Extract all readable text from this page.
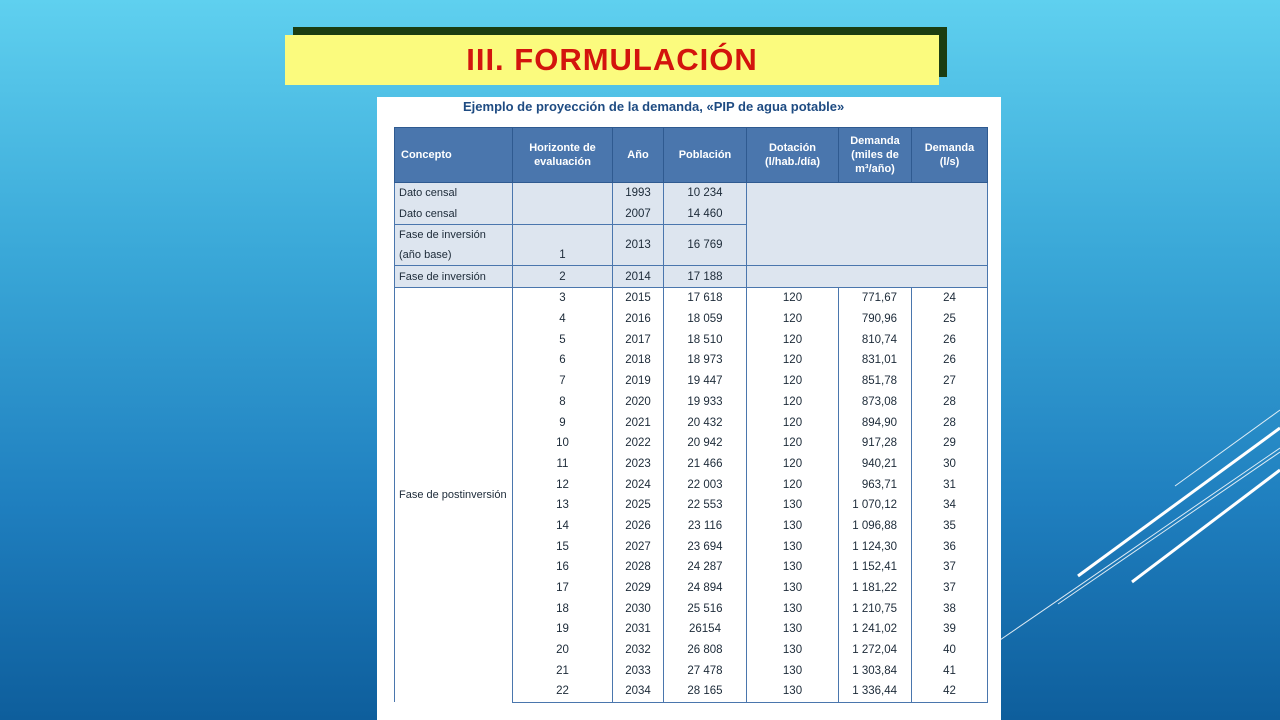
III. FORMULACIÓN
Ejemplo de proyección de la demanda, «PIP de agua potable»
Concepto	Horizonte de evaluación	Año	Población	Dotación (l/hab./día)	Demanda (miles de m³/año)	Demanda (l/s)
Dato censal		1993	10 234			
Dato censal		2007	14 460			
Fase de inversión (año base)	1	2013	16 769			
Fase de inversión	2	2014	17 188			
Fase de postinversión	3	2015	17 618	120	771,67	24
	4	2016	18 059	120	790,96	25
	5	2017	18 510	120	810,74	26
	6	2018	18 973	120	831,01	26
	7	2019	19 447	120	851,78	27
	8	2020	19 933	120	873,08	28
	9	2021	20 432	120	894,90	28
	10	2022	20 942	120	917,28	29
	11	2023	21 466	120	940,21	30
	12	2024	22 003	120	963,71	31
	13	2025	22 553	130	1 070,12	34
	14	2026	23 116	130	1 096,88	35
	15	2027	23 694	130	1 124,30	36
	16	2028	24 287	130	1 152,41	37
	17	2029	24 894	130	1 181,22	37
	18	2030	25 516	130	1 210,75	38
	19	2031	26154	130	1 241,02	39
	20	2032	26 808	130	1 272,04	40
	21	2033	27 478	130	1 303,84	41
	22	2034	28 165	130	1 336,44	42
